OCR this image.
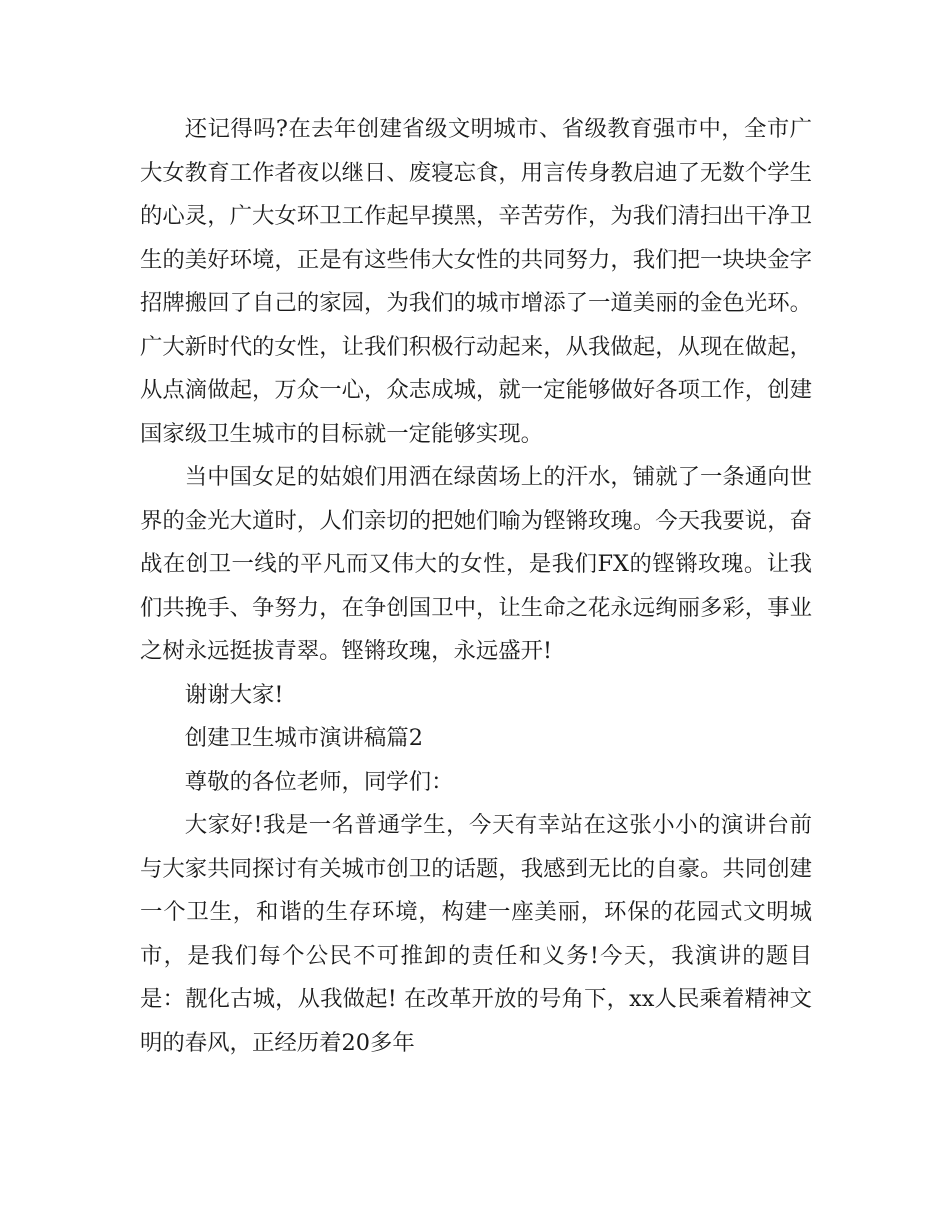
还记得吗?在去年创建省级文明城市、省级教育强市中，全市广大女教育工作者夜以继日、废寝忘食，用言传身教启迪了无数个学生的心灵，广大女环卫工作起早摸黑，辛苦劳作，为我们清扫出干净卫生的美好环境，正是有这些伟大女性的共同努力，我们把一块块金字招牌搬回了自己的家园，为我们的城市增添了一道美丽的金色光环。广大新时代的女性，让我们积极行动起来，从我做起，从现在做起，从点滴做起，万众一心，众志成城，就一定能够做好各项工作，创建国家级卫生城市的目标就一定能够实现。

当中国女足的姑娘们用洒在绿茵场上的汗水，铺就了一条通向世界的金光大道时，人们亲切的把她们喻为铿锵玫瑰。今天我要说，奋战在创卫一线的平凡而又伟大的女性，是我们FX的铿锵玫瑰。让我们共挽手、争努力，在争创国卫中，让生命之花永远绚丽多彩，事业之树永远挺拔青翠。铿锵玫瑰，永远盛开!

谢谢大家!

创建卫生城市演讲稿篇2

尊敬的各位老师，同学们：

大家好!我是一名普通学生，今天有幸站在这张小小的演讲台前与大家共同探讨有关城市创卫的话题，我感到无比的自豪。共同创建一个卫生，和谐的生存环境，构建一座美丽，环保的花园式文明城市，是我们每个公民不可推卸的责任和义务!今天，我演讲的题目是：靓化古城，从我做起! 在改革开放的号角下，xx人民乘着精神文明的春风，正经历着20多年
